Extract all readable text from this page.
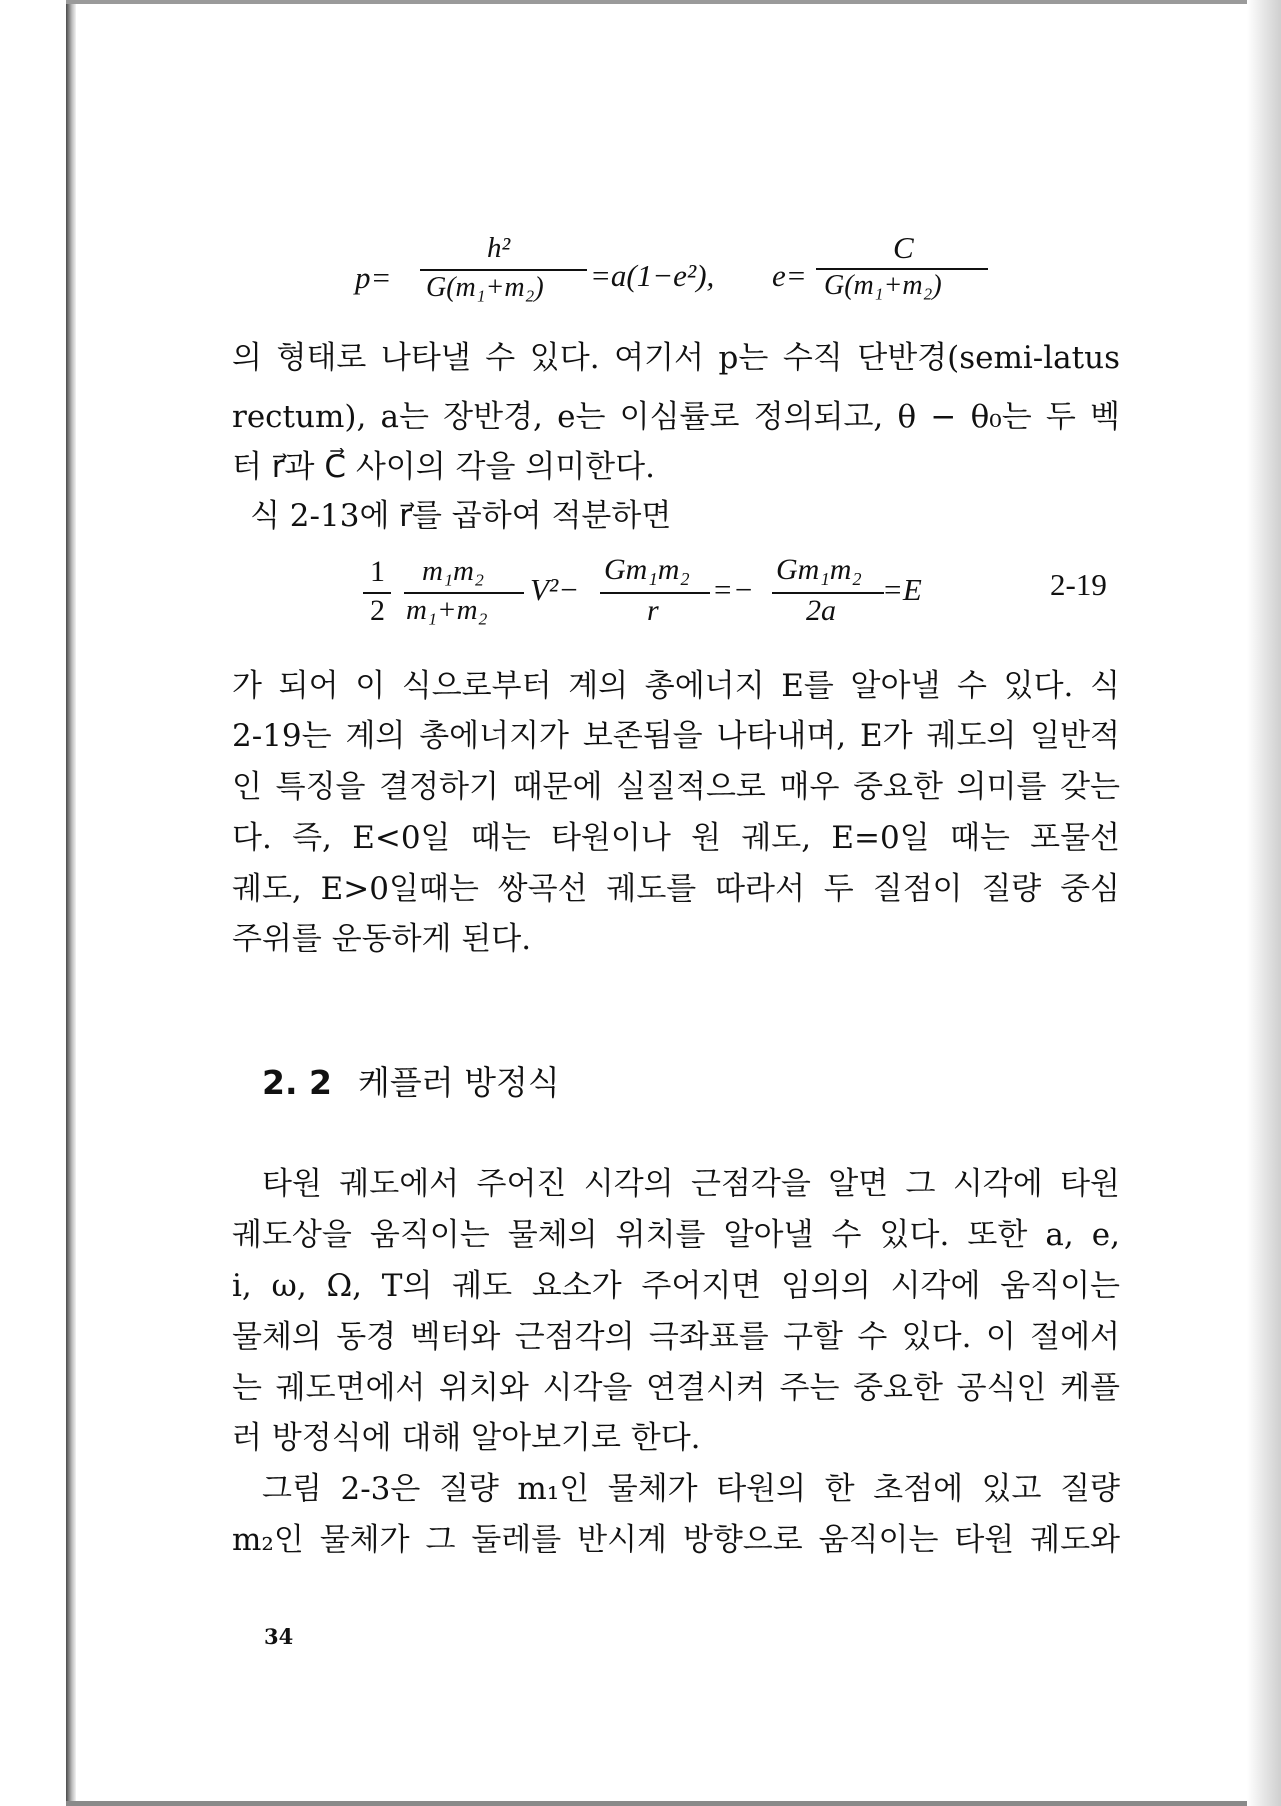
p=
h²
G(m₁+m₂) =a(1−e²), e=
C
G(m₁+m₂)
의 형태로 나타낼 수 있다. 여기서 p는 수직 단반경(semi-latus
rectum), a는 장반경, e는 이심률로 정의되고, θ − θ₀는 두 벡
터 r⃗과 C⃗ 사이의 각을 의미한다.
식 2-13에 r⃗를 곱하여 적분하면
1
2
m₁m₂
m₁+m₂
V²−
Gm₁m₂
r
=−
Gm₁m₂
2a
=E	2-19
가 되어 이 식으로부터 계의 총에너지 E를 알아낼 수 있다. 식
2-19는 계의 총에너지가 보존됨을 나타내며, E가 궤도의 일반적
인 특징을 결정하기 때문에 실질적으로 매우 중요한 의미를 갖는
다. 즉, E<0일 때는 타원이나 원 궤도, E=0일 때는 포물선
궤도, E>0일때는 쌍곡선 궤도를 따라서 두 질점이 질량 중심
주위를 운동하게 된다.
2. 2 케플러 방정식
타원 궤도에서 주어진 시각의 근점각을 알면 그 시각에 타원
궤도상을 움직이는 물체의 위치를 알아낼 수 있다. 또한 a, e,
i, ω, Ω, T의 궤도 요소가 주어지면 임의의 시각에 움직이는
물체의 동경 벡터와 근점각의 극좌표를 구할 수 있다. 이 절에서
는 궤도면에서 위치와 시각을 연결시켜 주는 중요한 공식인 케플
러 방정식에 대해 알아보기로 한다.
그림 2-3은 질량 m₁인 물체가 타원의 한 초점에 있고 질량
m₂인 물체가 그 둘레를 반시계 방향으로 움직이는 타원 궤도와
34
